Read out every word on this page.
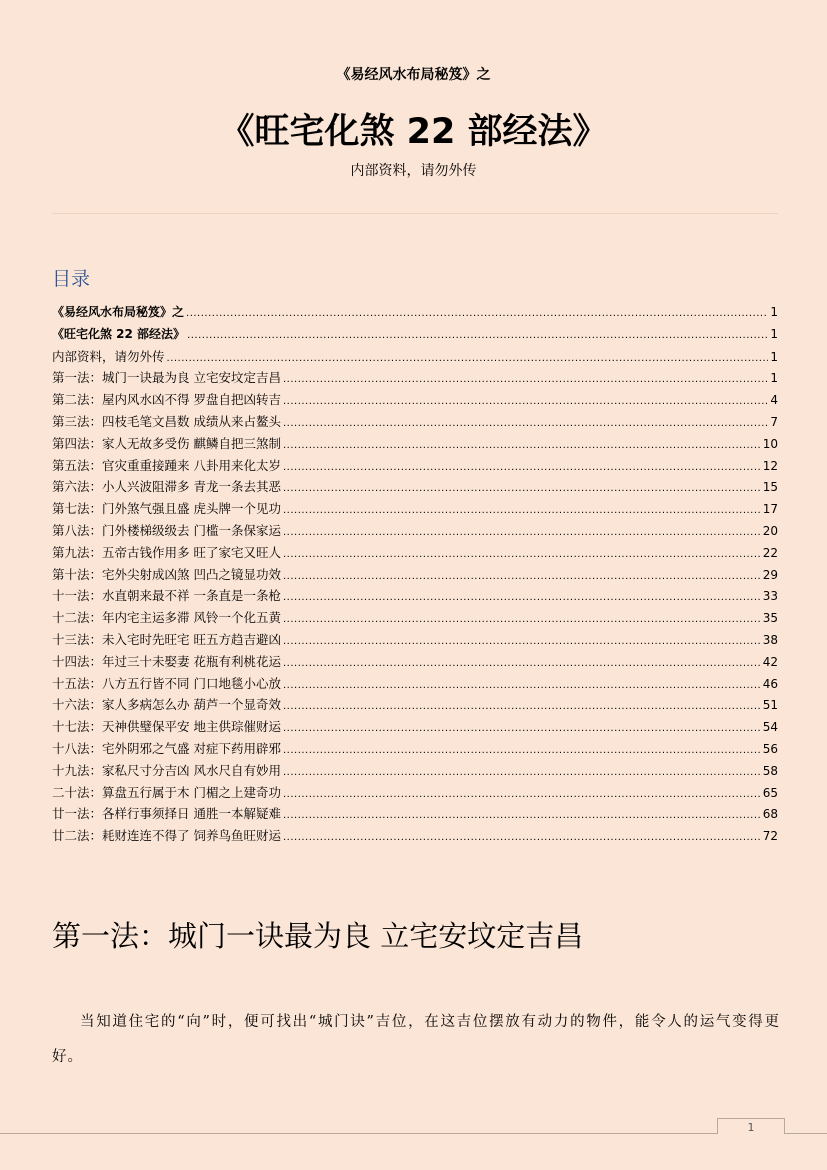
《易经风水布局秘笈》之
《旺宅化煞 22 部经法》
内部资料，请勿外传
目录
《易经风水布局秘笈》之 .....	1
《旺宅化煞 22 部经法》 .....	1
内部资料，请勿外传 .....	1
第一法：城门一诀最为良 立宅安坟定吉昌 .....	1
第二法：屋内风水凶不得 罗盘自把凶转吉 .....	4
第三法：四枝毛笔文昌数 成绩从来占鳌头 .....	7
第四法：家人无故多受伤 麒鳞自把三煞制 .....	10
第五法：官灾重重接踵来 八卦用来化太岁 .....	12
第六法：小人兴波阻滞多 青龙一条去其恶 .....	15
第七法：门外煞气强且盛 虎头牌一个见功 .....	17
第八法：门外楼梯级级去 门槛一条保家运 .....	20
第九法：五帝古钱作用多 旺了家宅又旺人 .....	22
第十法：宅外尖射成凶煞 凹凸之镜显功效 .....	29
十一法：水直朝来最不祥 一条直是一条枪 .....	33
十二法：年内宅主运多滞 风铃一个化五黄 .....	35
十三法：未入宅时先旺宅 旺五方趋吉避凶 .....	38
十四法：年过三十未娶妻 花瓶有利桃花运 .....	42
十五法：八方五行皆不同 门口地毯小心放 .....	46
十六法：家人多病怎么办 葫芦一个显奇效 .....	51
十七法：天神供璧保平安 地主供琮催财运 .....	54
十八法：宅外阴邪之气盛 对症下药用辟邪 .....	56
十九法：家私尺寸分吉凶 风水尺自有妙用 .....	58
二十法：算盘五行属于木 门楣之上建奇功 .....	65
廿一法：各样行事须择日 通胜一本解疑难 .....	68
廿二法：耗财连连不得了 饲养鸟鱼旺财运 .....	72
第一法：城门一诀最为良 立宅安坟定吉昌

当知道住宅的“向”时，便可找出“城门诀”吉位，在这吉位摆放有动力的物件，能令人的运气变得更好。

1
